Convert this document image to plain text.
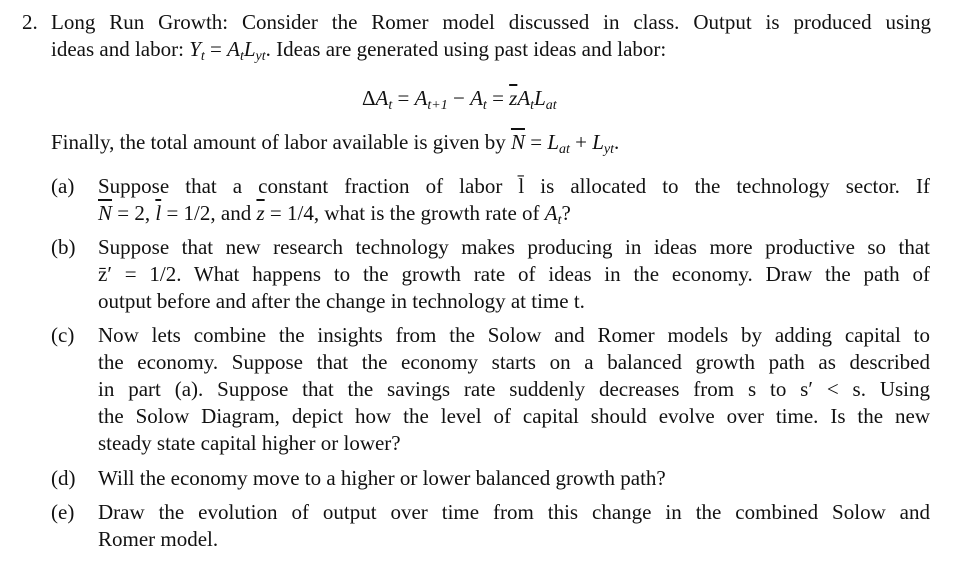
2. Long Run Growth: Consider the Romer model discussed in class. Output is produced using
ideas and labor: $Y_t = A_tL_{yt}$. Ideas are generated using past ideas and labor:
$\Delta A_t = A_{t+1} - A_t = \overline{z}A_tL_{at}$
Finally, the total amount of labor available is given by $\overline{N} = L_{at} + L_{yt}$.
(a) Suppose that a constant fraction of labor l̄ is allocated to the technology sector. If
$\overline{N} = 2$, $\overline{l} = 1/2$, and $\overline{z} = 1/4$, what is the growth rate of $A_t$?
(b) Suppose that new research technology makes producing in ideas more productive so that
z̄′ = 1/2. What happens to the growth rate of ideas in the economy. Draw the path of
output before and after the change in technology at time t.
(c) Now lets combine the insights from the Solow and Romer models by adding capital to
the economy. Suppose that the economy starts on a balanced growth path as described
in part (a). Suppose that the savings rate suddenly decreases from s to s′ < s. Using
the Solow Diagram, depict how the level of capital should evolve over time. Is the new
steady state capital higher or lower?
(d) Will the economy move to a higher or lower balanced growth path?
(e) Draw the evolution of output over time from this change in the combined Solow and
Romer model.
